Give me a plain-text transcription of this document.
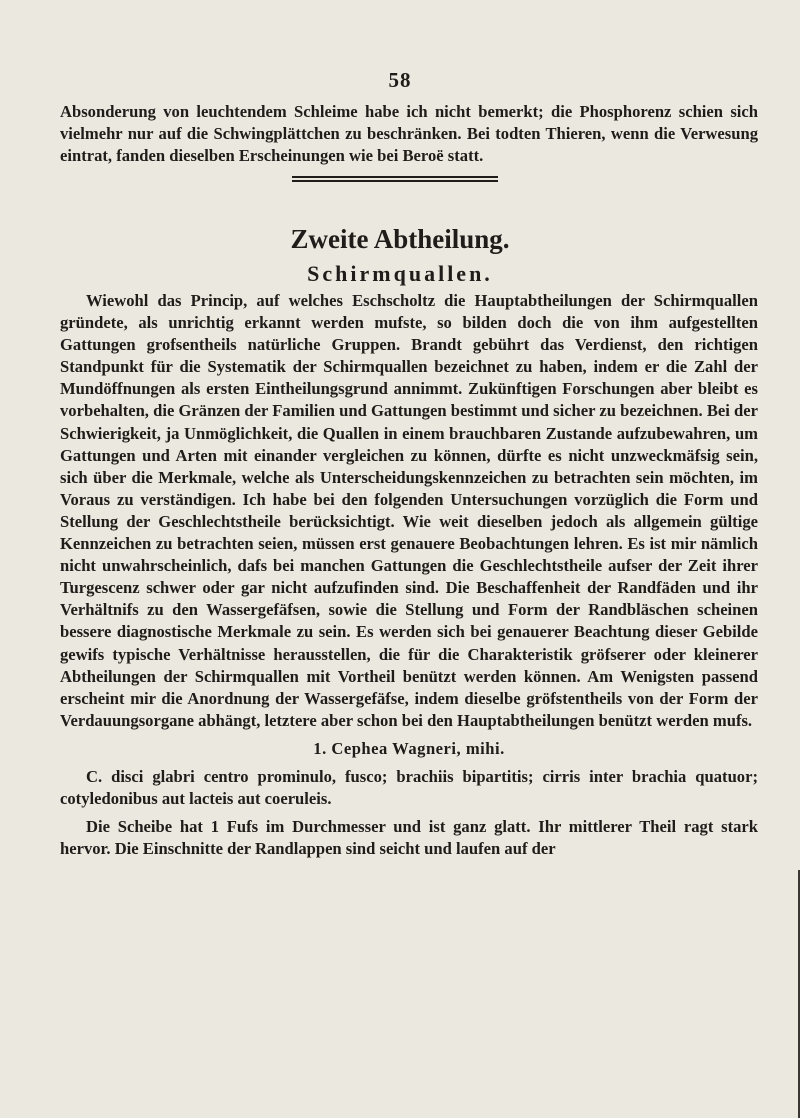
58

Absonderung von leuchtendem Schleime habe ich nicht bemerkt; die Phosphorenz schien sich vielmehr nur auf die Schwingplättchen zu beschränken. Bei todten Thieren, wenn die Verwesung eintrat, fanden dieselben Erscheinungen wie bei Beroë statt.

Zweite Abtheilung.
Schirmquallen.

Wiewohl das Princip, auf welches Eschscholtz die Hauptabtheilungen der Schirmquallen gründete, als unrichtig erkannt werden mufste, so bilden doch die von ihm aufgestellten Gattungen grofsentheils natürliche Gruppen. Brandt gebührt das Verdienst, den richtigen Standpunkt für die Systematik der Schirmquallen bezeichnet zu haben, indem er die Zahl der Mundöffnungen als ersten Eintheilungsgrund annimmt. Zukünftigen Forschungen aber bleibt es vorbehalten, die Gränzen der Familien und Gattungen bestimmt und sicher zu bezeichnen. Bei der Schwierigkeit, ja Unmöglichkeit, die Quallen in einem brauchbaren Zustande aufzubewahren, um Gattungen und Arten mit einander vergleichen zu können, dürfte es nicht unzweckmäfsig sein, sich über die Merkmale, welche als Unterscheidungskennzeichen zu betrachten sein möchten, im Voraus zu verständigen. Ich habe bei den folgenden Untersuchungen vorzüglich die Form und Stellung der Geschlechtstheile berücksichtigt. Wie weit dieselben jedoch als allgemein gültige Kennzeichen zu betrachten seien, müssen erst genauere Beobachtungen lehren. Es ist mir nämlich nicht unwahrscheinlich, dafs bei manchen Gattungen die Geschlechtstheile aufser der Zeit ihrer Turgescenz schwer oder gar nicht aufzufinden sind. Die Beschaffenheit der Randfäden und ihr Verhältnifs zu den Wassergefäfsen, sowie die Stellung und Form der Randbläschen scheinen bessere diagnostische Merkmale zu sein. Es werden sich bei genauerer Beachtung dieser Gebilde gewifs typische Verhältnisse herausstellen, die für die Charakteristik gröfserer oder kleinerer Abtheilungen der Schirmquallen mit Vortheil benützt werden können. Am Wenigsten passend erscheint mir die Anordnung der Wassergefäfse, indem dieselbe gröfstentheils von der Form der Verdauungsorgane abhängt, letztere aber schon bei den Hauptabtheilungen benützt werden mufs.

1. Cephea Wagneri, mihi.

C. disci glabri centro prominulo, fusco; brachiis bipartitis; cirris inter brachia quatuor; cotyledonibus aut lacteis aut coeruleis.

Die Scheibe hat 1 Fufs im Durchmesser und ist ganz glatt. Ihr mittlerer Theil ragt stark hervor. Die Einschnitte der Randlappen sind seicht und laufen auf der
